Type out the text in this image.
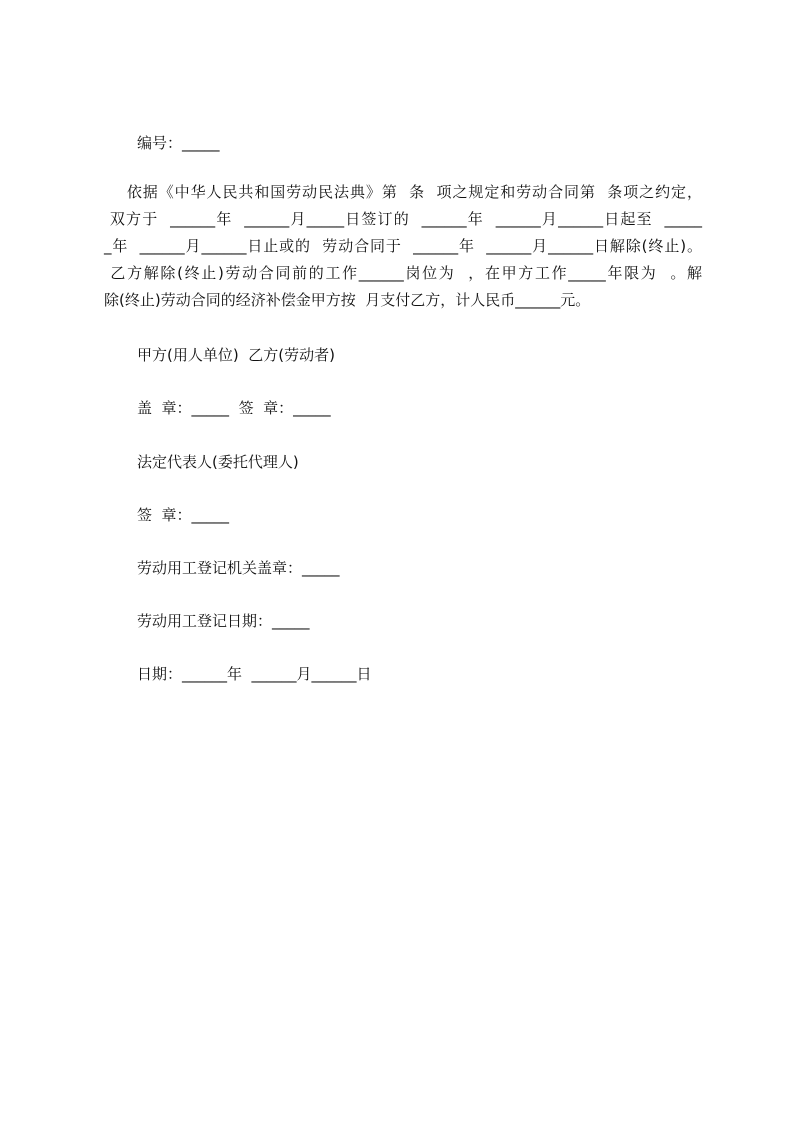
编号：_____
依据《中华人民共和国劳动民法典》第  条  项之规定和劳动合同第  条项之约定，
双方于  ______年  ______月_____日签订的  ______年  ______月______日起至  _____
_年  ______月______日止或的  劳动合同于  ______年  ______月______日解除(终止)。
乙方解除(终止)劳动合同前的工作______岗位为  ，在甲方工作_____年限为  。解
除(终止)劳动合同的经济补偿金甲方按  月支付乙方，计人民币______元。
甲方(用人单位)  乙方(劳动者)
盖  章：_____  签  章：_____
法定代表人(委托代理人)
签  章：_____
劳动用工登记机关盖章：_____
劳动用工登记日期：_____
日期：______年  ______月______日
